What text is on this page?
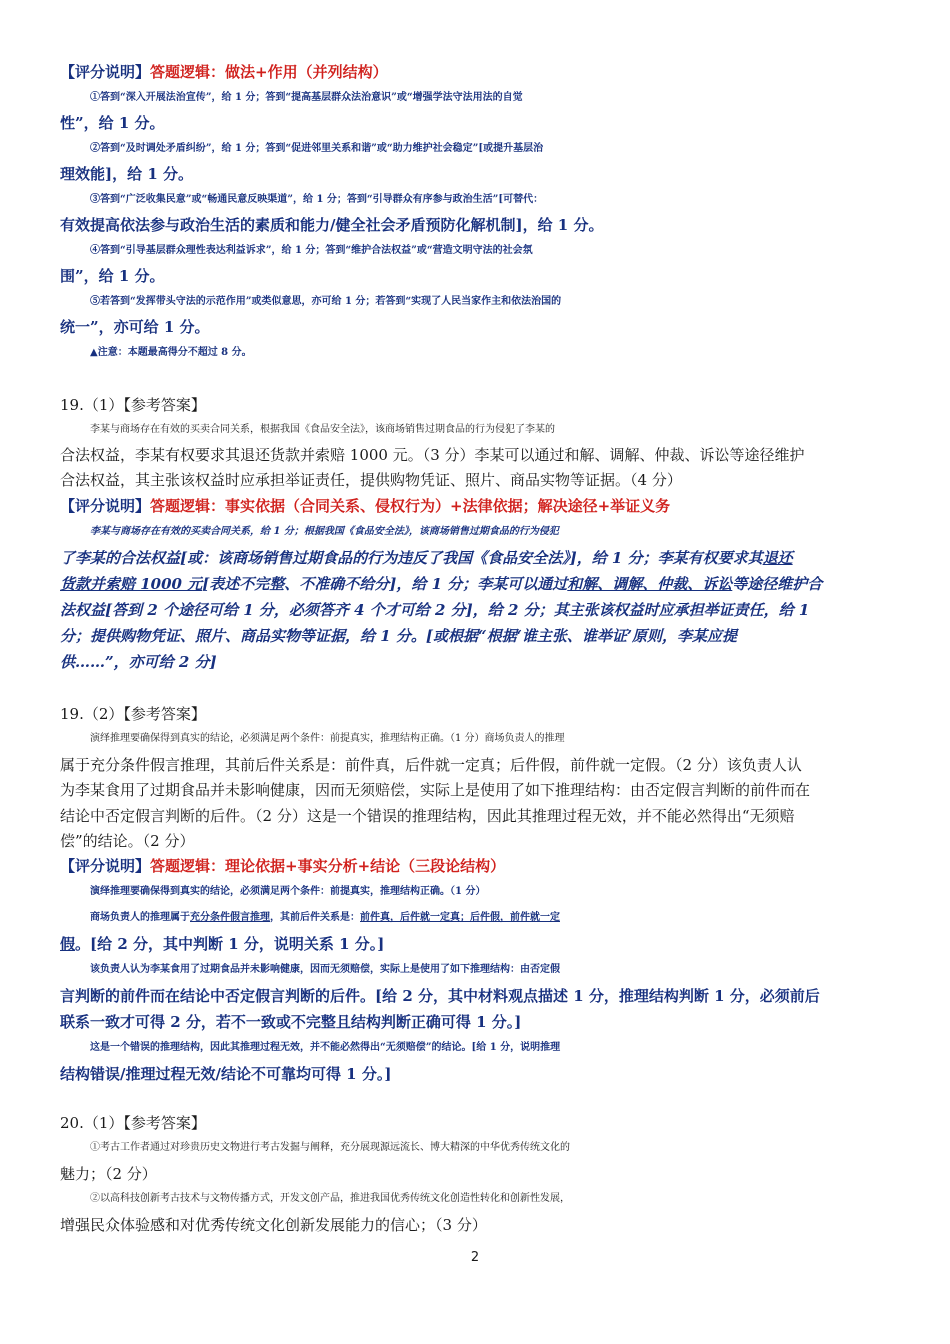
【评分说明】答题逻辑：做法+作用（并列结构）
①答到“深入开展法治宣传”，给 1 分；答到“提高基层群众法治意识”或“增强学法守法用法的自觉
性”，给 1 分。
②答到“及时调处矛盾纠纷”，给 1 分；答到“促进邻里关系和谐”或“助力维护社会稳定”[或提升基层治
理效能]，给 1 分。
③答到“广泛收集民意”或“畅通民意反映渠道”，给 1 分；答到“引导群众有序参与政治生活”[可替代：
有效提高依法参与政治生活的素质和能力/健全社会矛盾预防化解机制]，给 1 分。
④答到“引导基层群众理性表达利益诉求”，给 1 分；答到“维护合法权益”或“营造文明守法的社会氛
围”，给 1 分。
⑤若答到“发挥带头守法的示范作用”或类似意思，亦可给 1 分；若答到“实现了人民当家作主和依法治国的
统一”，亦可给 1 分。
▲注意：本题最高得分不超过 8 分。
19.（1）【参考答案】
李某与商场存在有效的买卖合同关系，根据我国《食品安全法》，该商场销售过期食品的行为侵犯了李某的
合法权益，李某有权要求其退还货款并索赔 1000 元。（3 分）李某可以通过和解、调解、仲裁、诉讼等途径维护
合法权益，其主张该权益时应承担举证责任，提供购物凭证、照片、商品实物等证据。（4 分）
【评分说明】答题逻辑：事实依据（合同关系、侵权行为）+法律依据；解决途径+举证义务
李某与商场存在有效的买卖合同关系，给 1 分；根据我国《食品安全法》，该商场销售过期食品的行为侵犯
了李某的合法权益[或：该商场销售过期食品的行为违反了我国《食品安全法》]，给 1 分；李某有权要求其退还
货款并索赔 1000 元[表述不完整、不准确不给分]，给 1 分；李某可以通过和解、调解、仲裁、诉讼等途径维护合
法权益[答到 2 个途径可给 1 分，必须答齐 4 个才可给 2 分]，给 2 分；其主张该权益时应承担举证责任，给 1
分；提供购物凭证、照片、商品实物等证据，给 1 分。[或根据“根据‘谁主张、谁举证’原则，李某应提
供……”，亦可给 2 分]
19.（2）【参考答案】
演绎推理要确保得到真实的结论，必须满足两个条件：前提真实，推理结构正确。（1 分）商场负责人的推理
属于充分条件假言推理，其前后件关系是：前件真，后件就一定真；后件假，前件就一定假。（2 分）该负责人认
为李某食用了过期食品并未影响健康，因而无须赔偿，实际上是使用了如下推理结构：由否定假言判断的前件而在
结论中否定假言判断的后件。（2 分）这是一个错误的推理结构，因此其推理过程无效，并不能必然得出“无须赔
偿”的结论。（2 分）
【评分说明】答题逻辑：理论依据+事实分析+结论（三段论结构）
演绎推理要确保得到真实的结论，必须满足两个条件：前提真实，推理结构正确。（1 分）
商场负责人的推理属于充分条件假言推理，其前后件关系是：前件真，后件就一定真；后件假，前件就一定
假。[给 2 分，其中判断 1 分，说明关系 1 分。]
该负责人认为李某食用了过期食品并未影响健康，因而无须赔偿，实际上是使用了如下推理结构：由否定假
言判断的前件而在结论中否定假言判断的后件。[给 2 分，其中材料观点描述 1 分，推理结构判断 1 分，必须前后
联系一致才可得 2 分，若不一致或不完整且结构判断正确可得 1 分。]
这是一个错误的推理结构，因此其推理过程无效，并不能必然得出“无须赔偿”的结论。[给 1 分，说明推理
结构错误/推理过程无效/结论不可靠均可得 1 分。]
20.（1）【参考答案】
①考古工作者通过对珍贵历史文物进行考古发掘与阐释，充分展现源远流长、博大精深的中华优秀传统文化的
魅力；（2 分）
②以高科技创新考古技术与文物传播方式，开发文创产品，推进我国优秀传统文化创造性转化和创新性发展，
增强民众体验感和对优秀传统文化创新发展能力的信心；（3 分）
2
